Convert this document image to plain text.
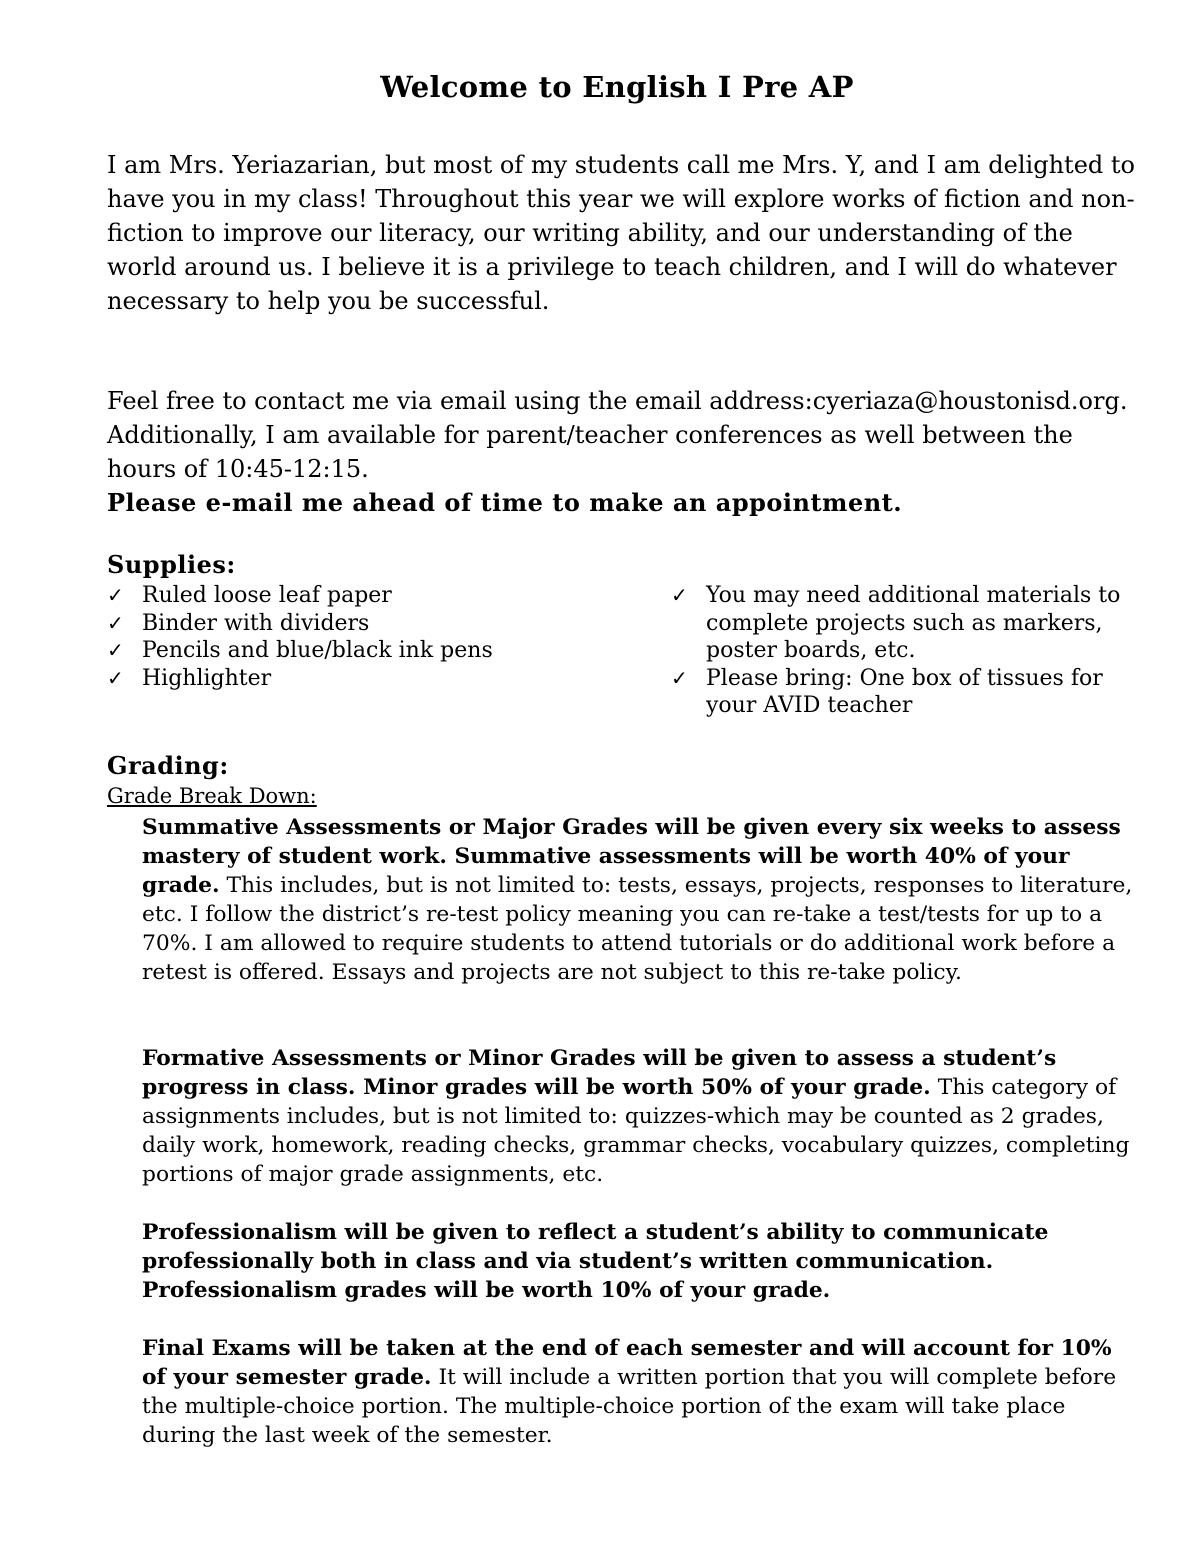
Welcome to English I Pre AP

I am Mrs. Yeriazarian, but most of my students call me Mrs. Y, and I am delighted to have you in my class! Throughout this year we will explore works of fiction and non-fiction to improve our literacy, our writing ability, and our understanding of the world around us. I believe it is a privilege to teach children, and I will do whatever necessary to help you be successful.

Feel free to contact me via email using the email address:cyeriaza@houstonisd.org. Additionally, I am available for parent/teacher conferences as well between the hours of 10:45-12:15.
Please e-mail me ahead of time to make an appointment.

Supplies:
✓ Ruled loose leaf paper
✓ Binder with dividers
✓ Pencils and blue/black ink pens
✓ Highlighter
✓ You may need additional materials to complete projects such as markers, poster boards, etc.
✓ Please bring: One box of tissues for your AVID teacher
Grading:
Grade Break Down:

Summative Assessments or Major Grades will be given every six weeks to assess mastery of student work. Summative assessments will be worth 40% of your grade. This includes, but is not limited to: tests, essays, projects, responses to literature, etc. I follow the district’s re-test policy meaning you can re-take a test/tests for up to a 70%. I am allowed to require students to attend tutorials or do additional work before a retest is offered. Essays and projects are not subject to this re-take policy.

Formative Assessments or Minor Grades will be given to assess a student’s progress in class. Minor grades will be worth 50% of your grade. This category of assignments includes, but is not limited to: quizzes-which may be counted as 2 grades, daily work, homework, reading checks, grammar checks, vocabulary quizzes, completing portions of major grade assignments, etc.

Professionalism will be given to reflect a student’s ability to communicate professionally both in class and via student’s written communication. Professionalism grades will be worth 10% of your grade.

Final Exams will be taken at the end of each semester and will account for 10% of your semester grade. It will include a written portion that you will complete before the multiple-choice portion. The multiple-choice portion of the exam will take place during the last week of the semester.
